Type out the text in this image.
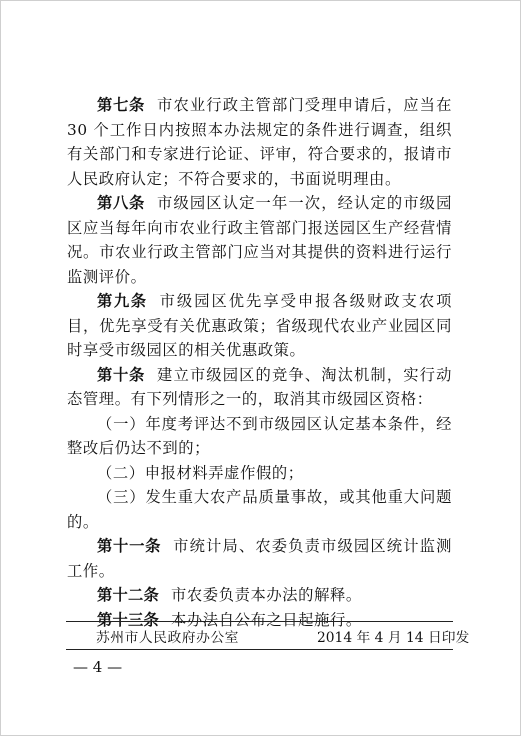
第七条 市农业行政主管部门受理申请后，应当在 30 个工作日内按照本办法规定的条件进行调查，组织有关部门和专家进行论证、评审，符合要求的，报请市人民政府认定；不符合要求的，书面说明理由。

第八条 市级园区认定一年一次，经认定的市级园区应当每年向市农业行政主管部门报送园区生产经营情况。市农业行政主管部门应当对其提供的资料进行运行监测评价。

第九条 市级园区优先享受申报各级财政支农项目，优先享受有关优惠政策；省级现代农业产业园区同时享受市级园区的相关优惠政策。

第十条 建立市级园区的竞争、淘汰机制，实行动态管理。有下列情形之一的，取消其市级园区资格：

（一）年度考评达不到市级园区认定基本条件，经整改后仍达不到的；

（二）申报材料弄虚作假的；

（三）发生重大农产品质量事故，或其他重大问题的。

第十一条 市统计局、农委负责市级园区统计监测工作。

第十二条 市农委负责本办法的解释。

第十三条 本办法自公布之日起施行。

苏州市人民政府办公室	2014 年 4 月 14 日印发
— 4 —
